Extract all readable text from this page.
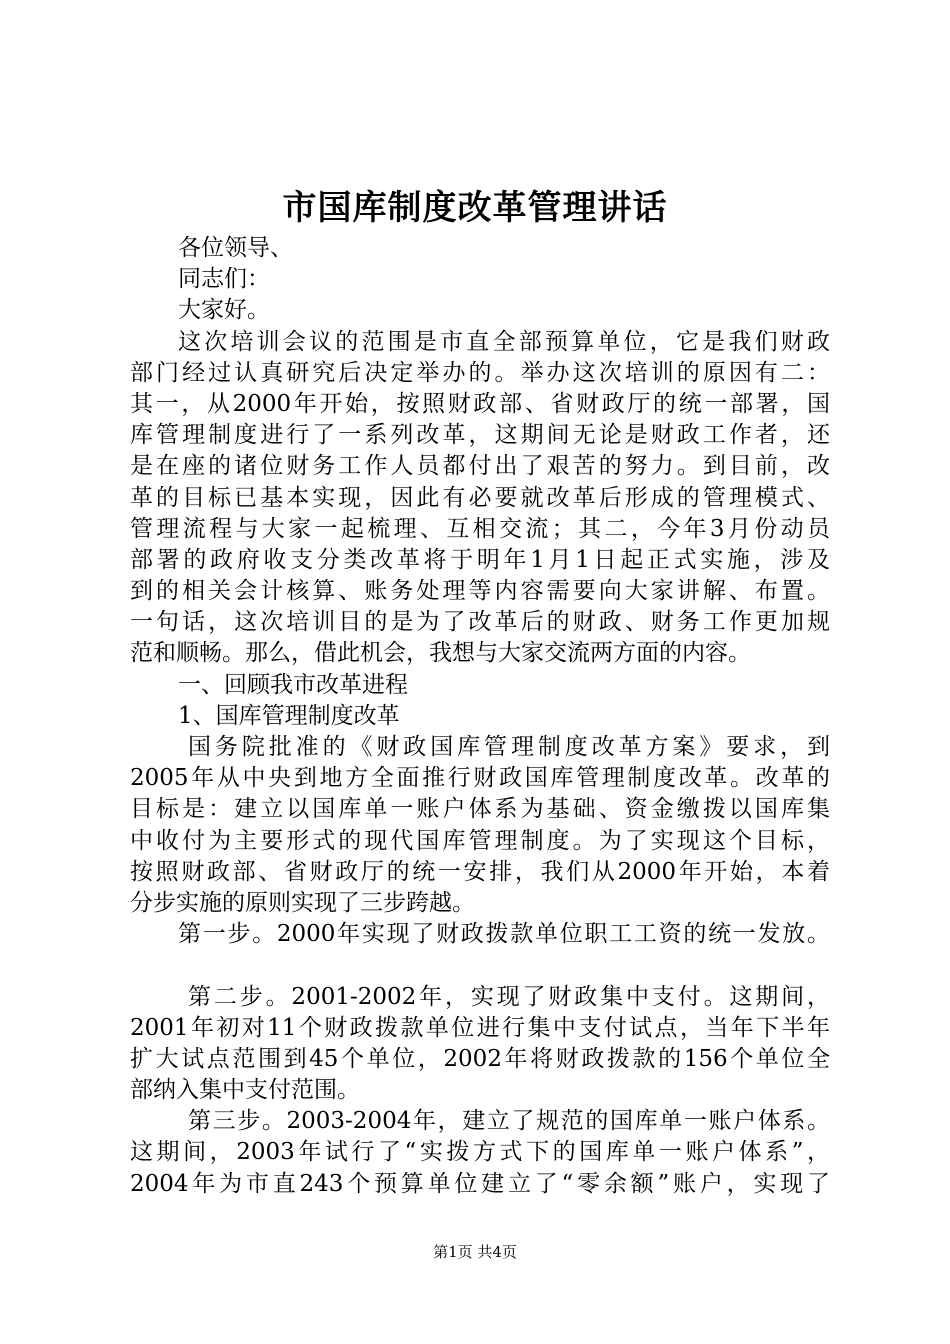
市国库制度改革管理讲话
各位领导、
同志们：
大家好。
这次培训会议的范围是市直全部预算单位，它是我们财政
部门经过认真研究后决定举办的。举办这次培训的原因有二：
其一，从2000年开始，按照财政部、省财政厅的统一部署，国
库管理制度进行了一系列改革，这期间无论是财政工作者，还
是在座的诸位财务工作人员都付出了艰苦的努力。到目前，改
革的目标已基本实现，因此有必要就改革后形成的管理模式、
管理流程与大家一起梳理、互相交流；其二，今年3月份动员
部署的政府收支分类改革将于明年1月1日起正式实施，涉及
到的相关会计核算、账务处理等内容需要向大家讲解、布置。
一句话，这次培训目的是为了改革后的财政、财务工作更加规
范和顺畅。那么，借此机会，我想与大家交流两方面的内容。
一、回顾我市改革进程
1、国库管理制度改革
国务院批准的《财政国库管理制度改革方案》要求，到
2005年从中央到地方全面推行财政国库管理制度改革。改革的
目标是：建立以国库单一账户体系为基础、资金缴拨以国库集
中收付为主要形式的现代国库管理制度。为了实现这个目标，
按照财政部、省财政厅的统一安排，我们从2000年开始，本着
分步实施的原则实现了三步跨越。
第一步。2000年实现了财政拨款单位职工工资的统一发放。
第二步。2001-2002年，实现了财政集中支付。这期间，
2001年初对11个财政拨款单位进行集中支付试点，当年下半年
扩大试点范围到45个单位，2002年将财政拨款的156个单位全
部纳入集中支付范围。
第三步。2003-2004年，建立了规范的国库单一账户体系。
这期间，2003年试行了“实拨方式下的国库单一账户体系”，
2004年为市直243个预算单位建立了“零余额”账户，实现了
第1页 共4页
